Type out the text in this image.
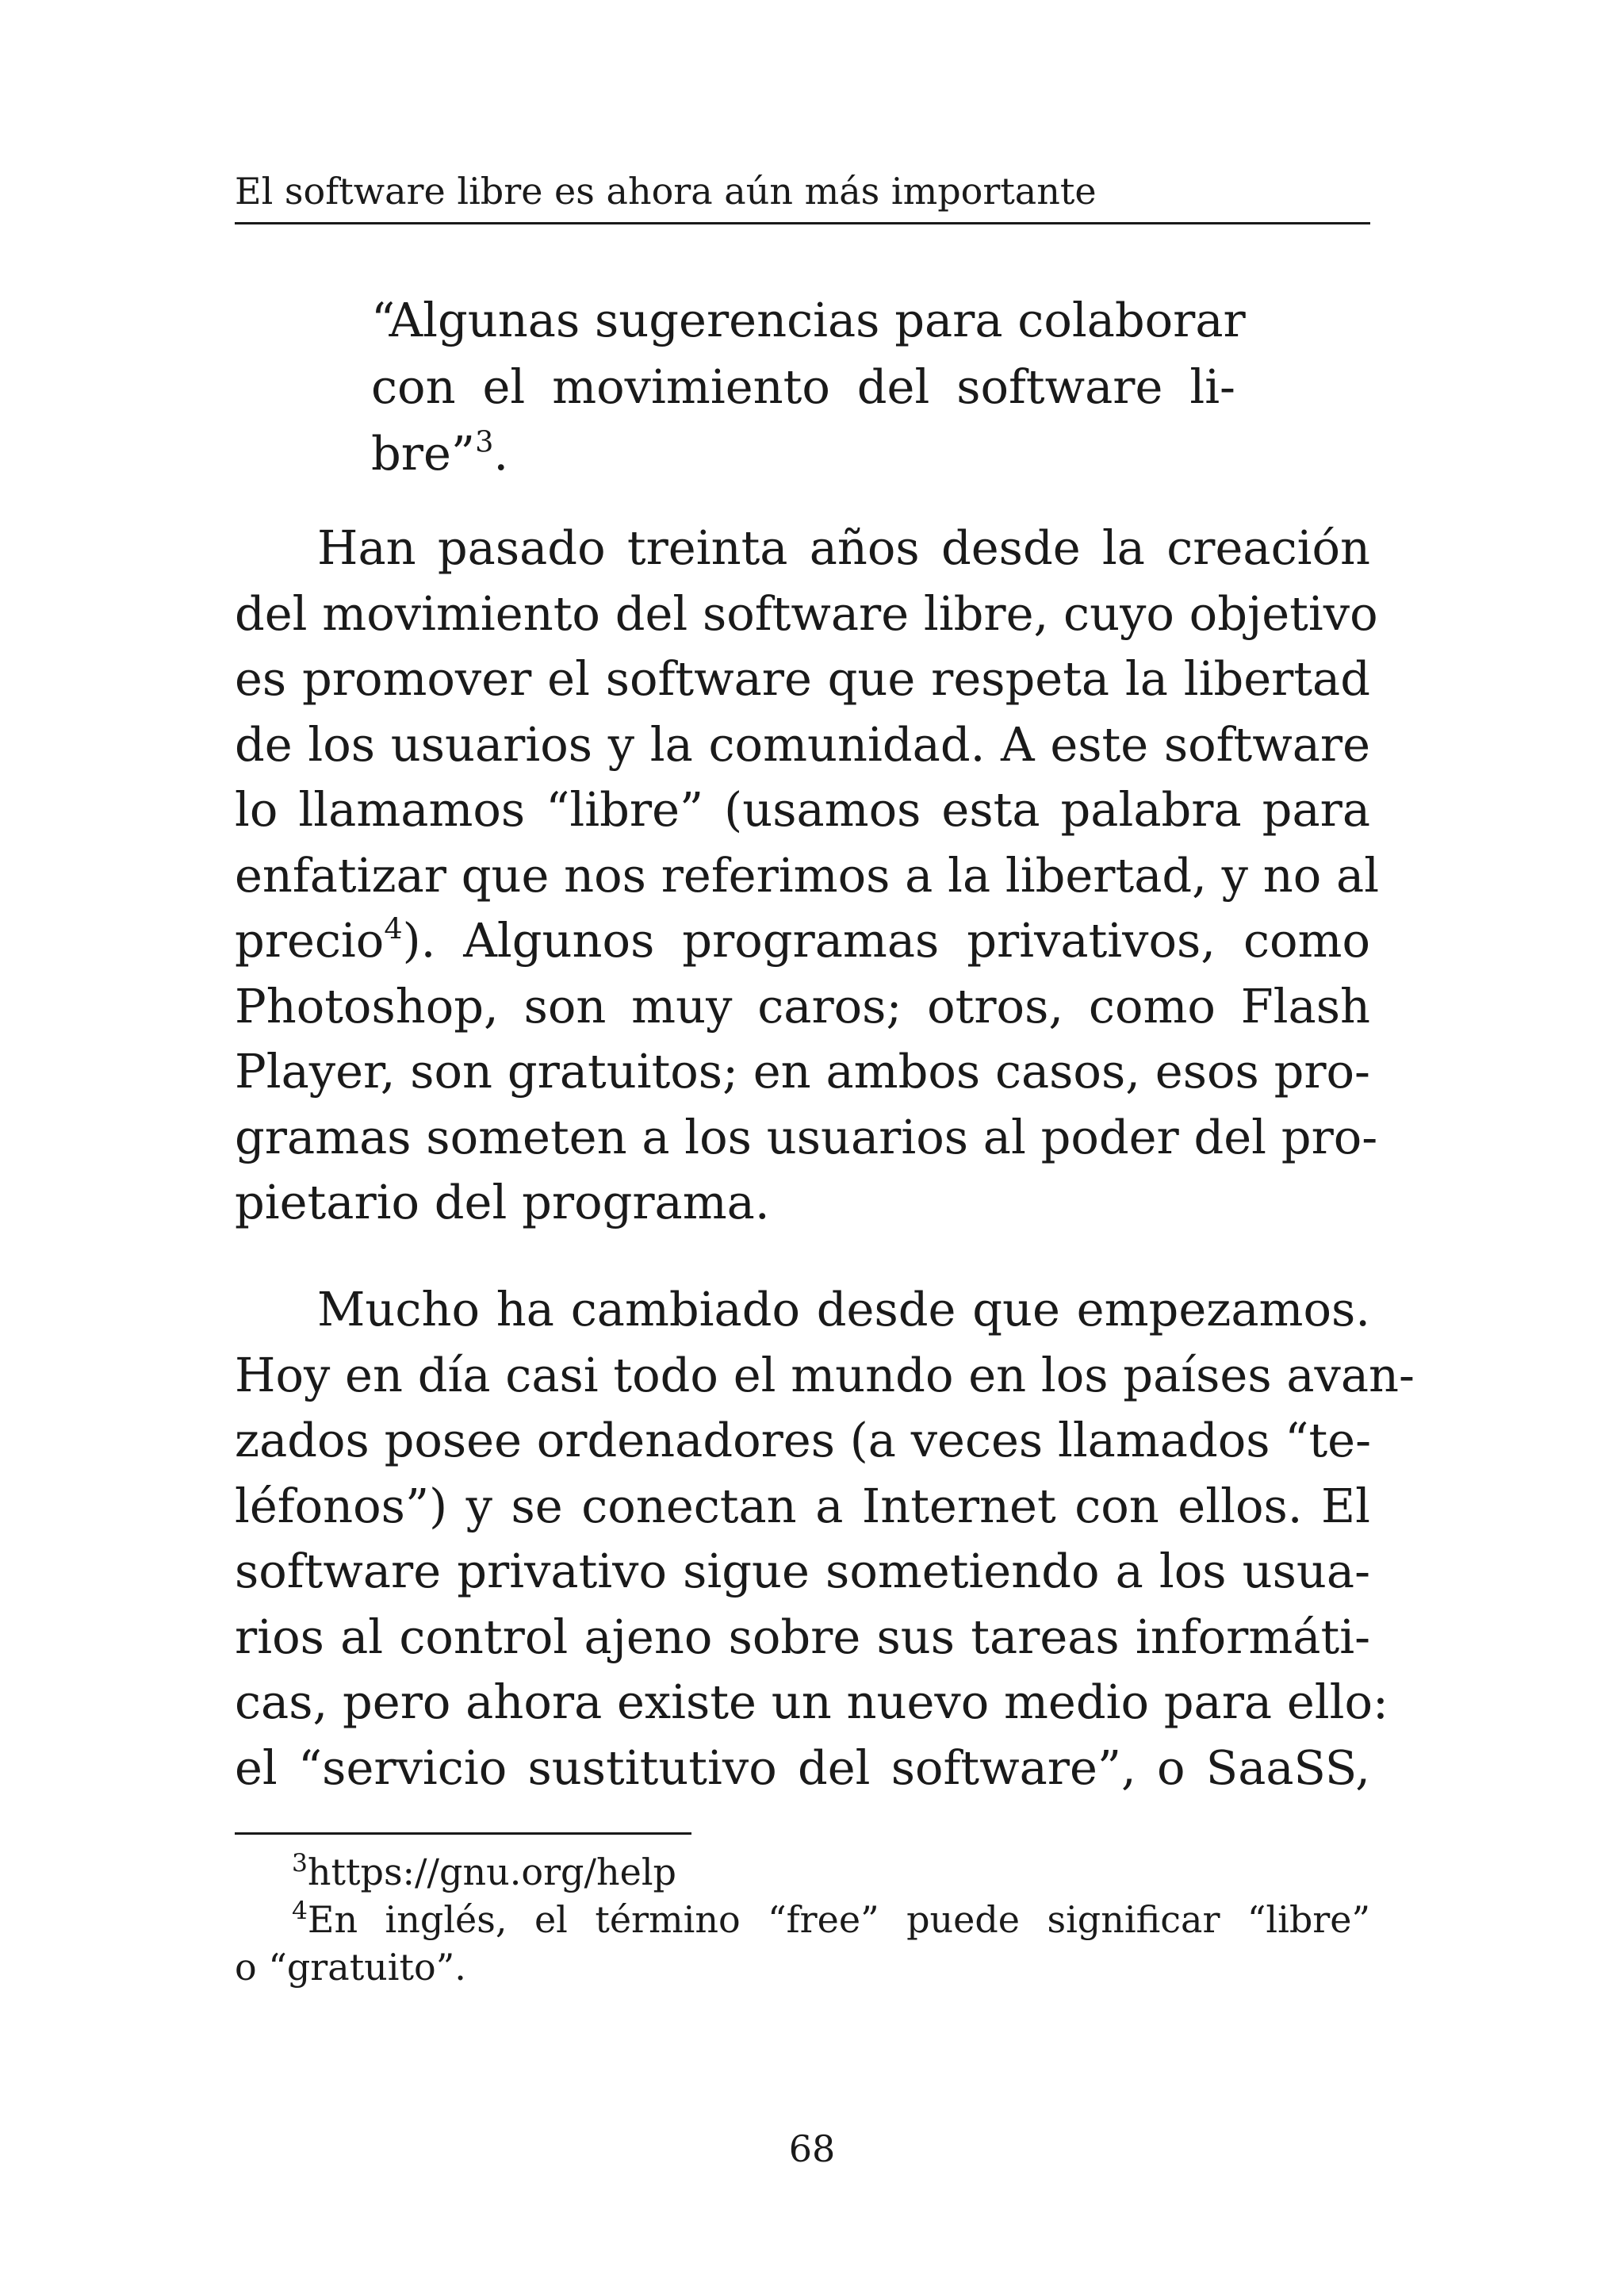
El software libre es ahora aún más importante
“Algunas sugerencias para colaborar
con el movimiento del software li-
bre”$^3$.
Han pasado treinta años desde la creación
del movimiento del software libre, cuyo objetivo
es promover el software que respeta la libertad
de los usuarios y la comunidad. A este software
lo llamamos “libre” (usamos esta palabra para
enfatizar que nos referimos a la libertad, y no al
precio$^4$). Algunos programas privativos, como
Photoshop, son muy caros; otros, como Flash
Player, son gratuitos; en ambos casos, esos pro-
gramas someten a los usuarios al poder del pro-
pietario del programa.
Mucho ha cambiado desde que empezamos.
Hoy en día casi todo el mundo en los países avan-
zados posee ordenadores (a veces llamados “te-
léfonos”) y se conectan a Internet con ellos. El
software privativo sigue sometiendo a los usua-
rios al control ajeno sobre sus tareas informáti-
cas, pero ahora existe un nuevo medio para ello:
el “servicio sustitutivo del software”, o SaaSS,
$^3$https://gnu.org/help
$^4$En inglés, el término “free” puede significar “libre”
o “gratuito”.
68
